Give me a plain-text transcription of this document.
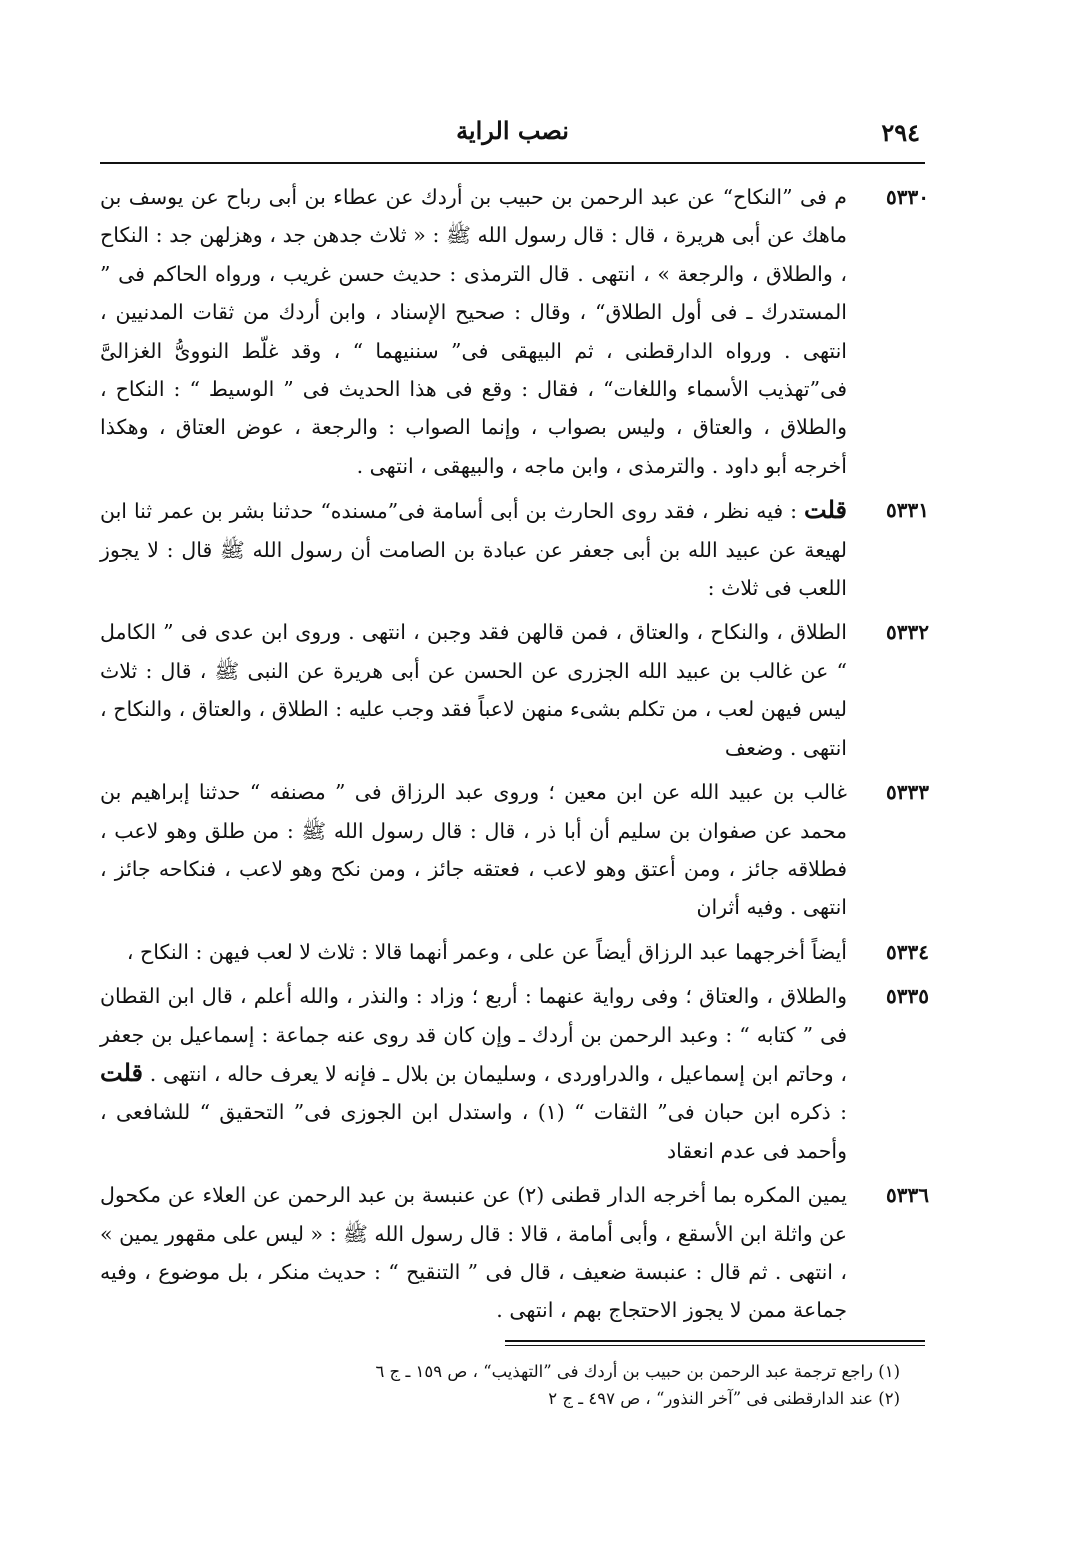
٢٩٤
نصب الراية
٥٣٣٠
م فى ”النكاح“ عن عبد الرحمن بن حبيب بن أردك عن عطاء بن أبى رباح عن يوسف بن ماهك عن أبى هريرة ، قال : قال رسول الله ﷺ : « ثلاث جدهن جد ، وهزلهن جد : النكاح ، والطلاق ، والرجعة » ، انتهى . قال الترمذى : حديث حسن غريب ، ورواه الحاكم فى ” المستدرك ـ فى أول الطلاق“ ، وقال : صحيح الإسناد ، وابن أردك من ثقات المدنيين ، انتهى . ورواه الدارقطنى ، ثم البيهقى فى” سننيهما “ ، وقد غلّط النووىُّ الغزالىَّ فى”تهذيب الأسماء واللغات“ ، فقال : وقع فى هذا الحديث فى ” الوسيط “ : النكاح ، والطلاق ، والعتاق ، وليس بصواب ، وإنما الصواب : والرجعة ، عوض العتاق ، وهكذا أخرجه أبو داود . والترمذى ، وابن ماجه ، والبيهقى ، انتهى .
٥٣٣١
قلت : فيه نظر ، فقد روى الحارث بن أبى أسامة فى”مسنده“ حدثنا بشر بن عمر ثنا ابن لهيعة عن عبيد الله بن أبى جعفر عن عبادة بن الصامت أن رسول الله ﷺ قال : لا يجوز اللعب فى ثلاث :
٥٣٣٢
الطلاق ، والنكاح ، والعتاق ، فمن قالهن فقد وجبن ، انتهى . وروى ابن عدى فى ” الكامل “ عن غالب بن عبيد الله الجزرى عن الحسن عن أبى هريرة عن النبى ﷺ ، قال : ثلاث ليس فيهن لعب ، من تكلم بشىء منهن لاعباً فقد وجب عليه : الطلاق ، والعتاق ، والنكاح ، انتهى . وضعف
٥٣٣٣
غالب بن عبيد الله عن ابن معين ؛ وروى عبد الرزاق فى ” مصنفه “ حدثنا إبراهيم بن محمد عن صفوان بن سليم أن أبا ذر ، قال : قال رسول الله ﷺ : من طلق وهو لاعب ، فطلاقه جائز ، ومن أعتق وهو لاعب ، فعتقه جائز ، ومن نكح وهو لاعب ، فنكاحه جائز ، انتهى . وفيه أثران
٥٣٣٤
أيضاً أخرجهما عبد الرزاق أيضاً عن على ، وعمر أنهما قالا : ثلاث لا لعب فيهن : النكاح ،
٥٣٣٥
والطلاق ، والعتاق ؛ وفى رواية عنهما : أربع ؛ وزاد : والنذر ، والله أعلم ، قال ابن القطان فى ” كتابه “ : وعبد الرحمن بن أردك ـ وإن كان قد روى عنه جماعة : إسماعيل بن جعفر ، وحاتم ابن إسماعيل ، والدراوردى ، وسليمان بن بلال ـ فإنه لا يعرف حاله ، انتهى . قلت : ذكره ابن حبان فى” الثقات “ (١) ، واستدل ابن الجوزى فى” التحقيق “ للشافعى ، وأحمد فى عدم انعقاد
٥٣٣٦
يمين المكره بما أخرجه الدار قطنى (٢) عن عنبسة بن عبد الرحمن عن العلاء عن مكحول عن واثلة ابن الأسقع ، وأبى أمامة ، قالا : قال رسول الله ﷺ : « ليس على مقهور يمين » ، انتهى . ثم قال : عنبسة ضعيف ، قال فى ” التنقيح “ : حديث منكر ، بل موضوع ، وفيه جماعة ممن لا يجوز الاحتجاج بهم ، انتهى .
(١) راجع ترجمة عبد الرحمن بن حبيب بن أردك فى ”التهذيب“ ، ص ١٥٩ ـ ج ٦
(٢) عند الدارقطنى فى ”آخر النذور“ ، ص ٤٩٧ ـ ج ٢
